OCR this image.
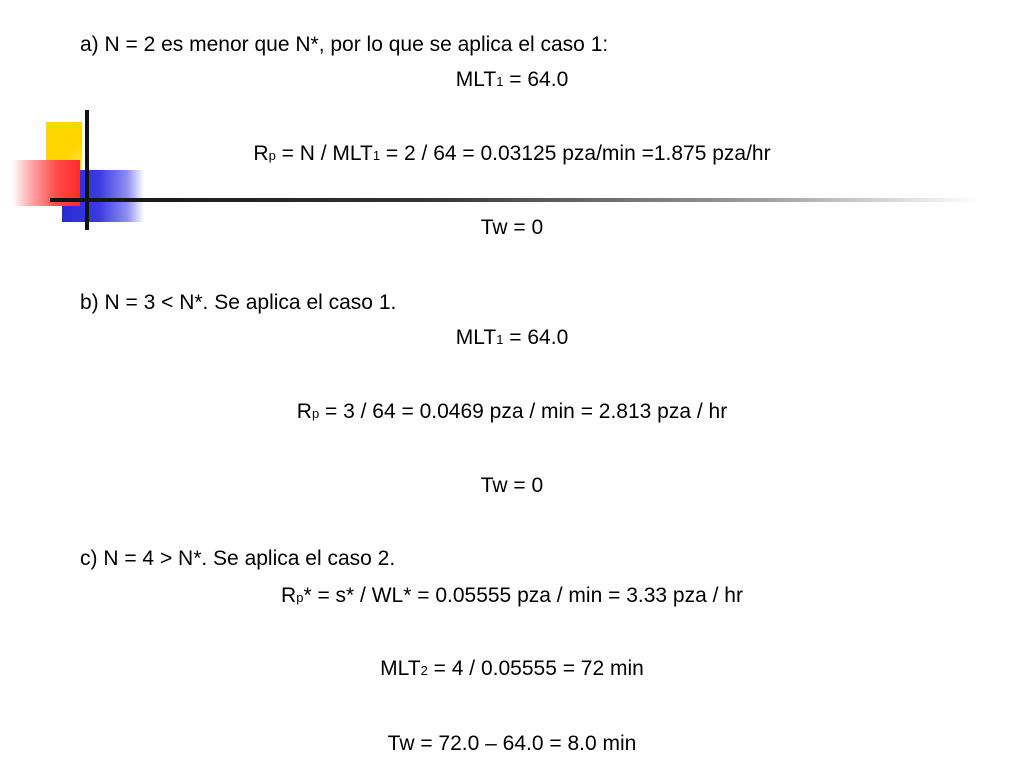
a) N = 2 es menor que N*, por lo que se aplica el caso 1:
MLT1 = 64.0
Rp = N / MLT1 = 2 / 64 = 0.03125 pza/min =1.875 pza/hr
Tw = 0
b) N = 3 < N*. Se aplica el caso 1.
MLT1 = 64.0
Rp = 3 / 64 = 0.0469 pza / min = 2.813 pza / hr
Tw = 0
c) N = 4 > N*. Se aplica el caso 2.
Rp* = s* / WL* = 0.05555 pza / min = 3.33 pza / hr
MLT2 = 4 / 0.05555 = 72 min
Tw = 72.0 – 64.0 = 8.0 min
